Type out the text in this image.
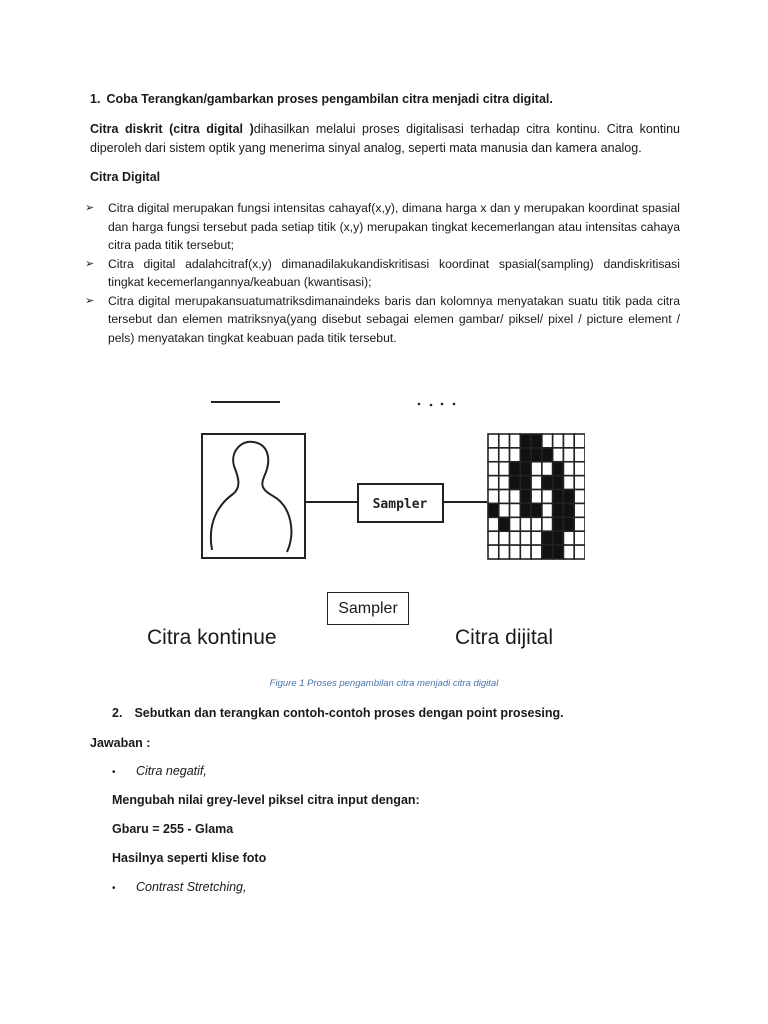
1. Coba Terangkan/gambarkan proses pengambilan citra menjadi citra digital.
Citra diskrit (citra digital )dihasilkan melalui proses digitalisasi terhadap citra kontinu. Citra kontinu diperoleh dari sistem optik yang menerima sinyal analog, seperti mata manusia dan kamera analog.
Citra Digital
➢ Citra digital merupakan fungsi intensitas cahayaf(x,y), dimana harga x dan y merupakan koordinat spasial dan harga fungsi tersebut pada setiap titik (x,y) merupakan tingkat kecemerlangan atau intensitas cahaya citra pada titik tersebut;
➢ Citra digital adalahcitraf(x,y) dimanadilakukandiskritisasi koordinat spasial(sampling) dandiskritisasi tingkat kecemerlangannya/keabuan (kwantisasi);
➢ Citra digital merupakansuatumatriksdimanaindeks baris dan kolomnya menyatakan suatu titik pada citra tersebut dan elemen matriksnya(yang disebut sebagai elemen gambar/ piksel/ pixel / picture element / pels) menyatakan tingkat keabuan pada titik tersebut.
Sampler
Sampler
Citra kontinue	Citra dijital
Figure 1 Proses pengambilan citra menjadi citra digital
2. Sebutkan dan terangkan contoh-contoh proses dengan point prosesing.
Jawaban :
• Citra negatif,
Mengubah nilai grey-level piksel citra input dengan:
Gbaru = 255 - Glama
Hasilnya seperti klise foto
• Contrast Stretching,
